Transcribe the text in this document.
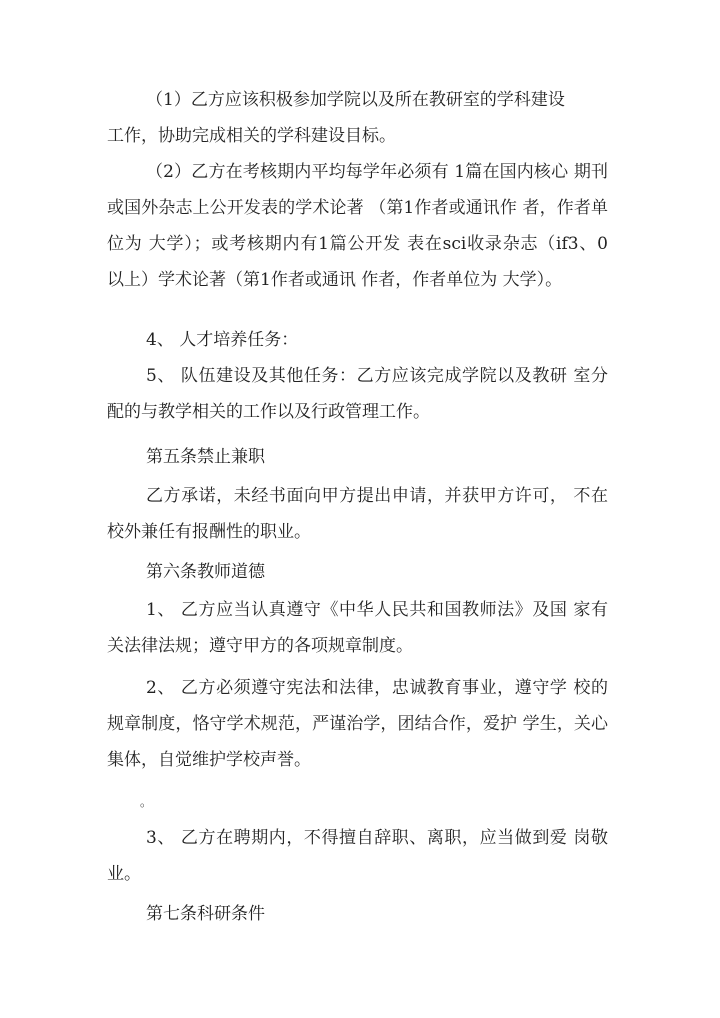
（1）乙方应该积极参加学院以及所在教研室的学科建设

工作，协助完成相关的学科建设目标。

（2）乙方在考核期内平均每学年必须有 1篇在国内核心 期刊

或国外杂志上公开发表的学术论著 （第1作者或通讯作 者，作者单

位为 大学）；或考核期内有1篇公开发 表在sci收录杂志（if3、0

以上）学术论著（第1作者或通讯 作者，作者单位为 大学）。

4、 人才培养任务：

5、 队伍建设及其他任务：乙方应该完成学院以及教研 室分

配的与教学相关的工作以及行政管理工作。

第五条禁止兼职

乙方承诺，未经书面向甲方提出申请，并获甲方许可， 不在

校外兼任有报酬性的职业。

第六条教师道德

1、 乙方应当认真遵守《中华人民共和国教师法》及国 家有

关法律法规；遵守甲方的各项规章制度。

2、 乙方必须遵守宪法和法律，忠诚教育事业，遵守学 校的

规章制度，恪守学术规范，严谨治学，团结合作，爱护 学生，关心

集体，自觉维护学校声誉。

。

3、 乙方在聘期内，不得擅自辞职、离职，应当做到爱 岗敬

业。

第七条科研条件
